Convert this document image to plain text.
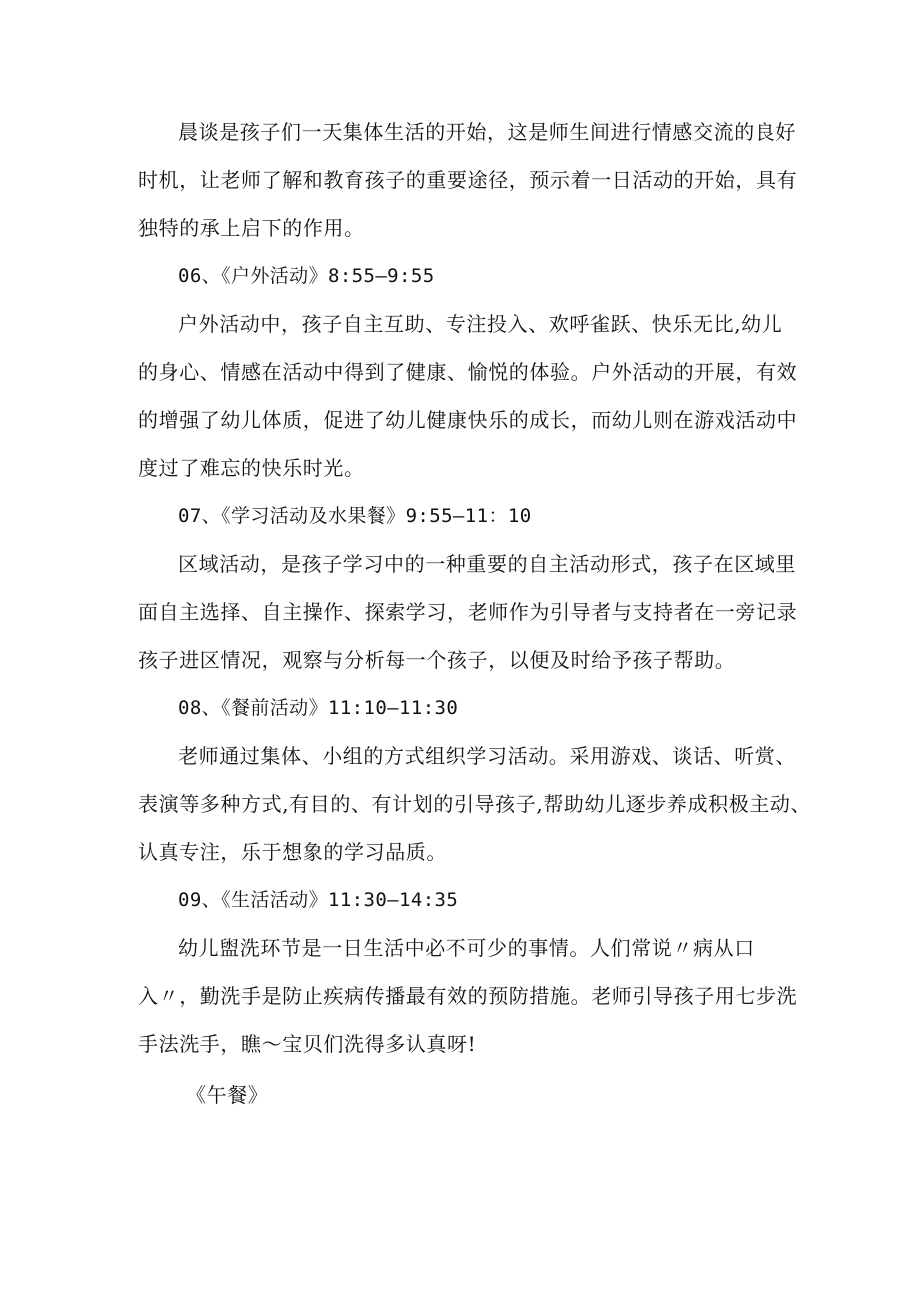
晨谈是孩子们一天集体生活的开始，这是师生间进行情感交流的良好
时机，让老师了解和教育孩子的重要途径，预示着一日活动的开始，具有
独特的承上启下的作用。
06、《户外活动》8:55—9:55
户外活动中，孩子自主互助、专注投入、欢呼雀跃、快乐无比,幼儿
的身心、情感在活动中得到了健康、愉悦的体验。户外活动的开展，有效
的增强了幼儿体质，促进了幼儿健康快乐的成长，而幼儿则在游戏活动中
度过了难忘的快乐时光。
07、《学习活动及水果餐》9:55—11：10
区域活动，是孩子学习中的一种重要的自主活动形式，孩子在区域里
面自主选择、自主操作、探索学习，老师作为引导者与支持者在一旁记录
孩子进区情况，观察与分析每一个孩子，以便及时给予孩子帮助。
08、《餐前活动》11:10—11:30
老师通过集体、小组的方式组织学习活动。采用游戏、谈话、听赏、
表演等多种方式,有目的、有计划的引导孩子,帮助幼儿逐步养成积极主动、
认真专注，乐于想象的学习品质。
09、《生活活动》11:30—14:35
幼儿盥洗环节是一日生活中必不可少的事情。人们常说〃病从口
入〃，勤洗手是防止疾病传播最有效的预防措施。老师引导孩子用七步洗
手法洗手，瞧～宝贝们洗得多认真呀!
《午餐》
